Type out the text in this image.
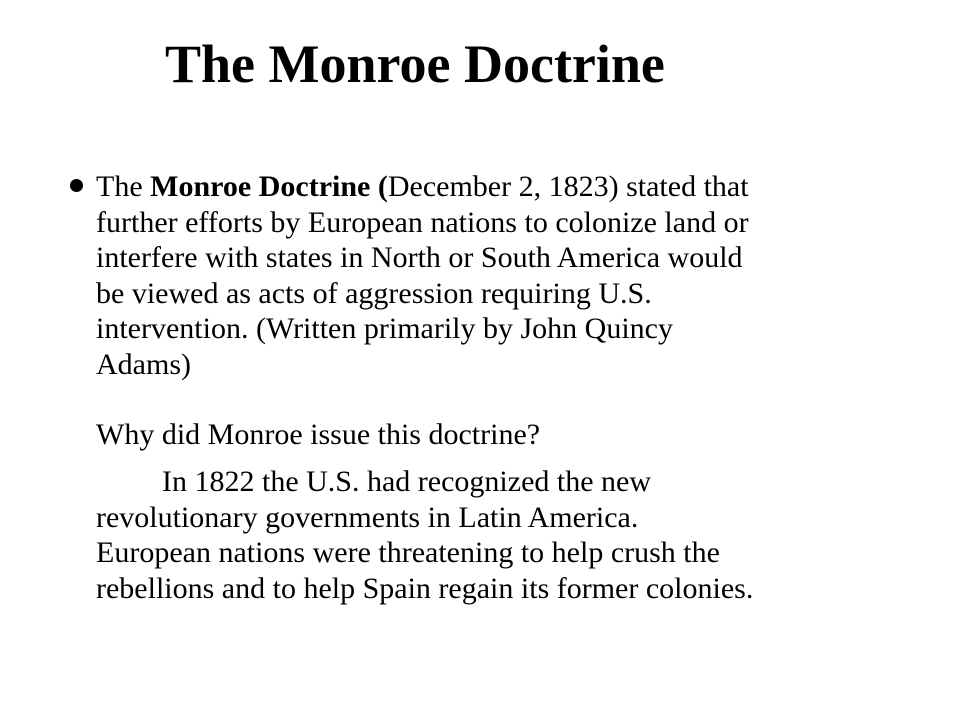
The Monroe Doctrine

The Monroe Doctrine (December 2, 1823) stated that
further efforts by European nations to colonize land or
interfere with states in North or South America would
be viewed as acts of aggression requiring U.S.
intervention. (Written primarily by John Quincy
Adams)

Why did Monroe issue this doctrine?

In 1822 the U.S. had recognized the new
revolutionary governments in Latin America.
European nations were threatening to help crush the
rebellions and to help Spain regain its former colonies.
